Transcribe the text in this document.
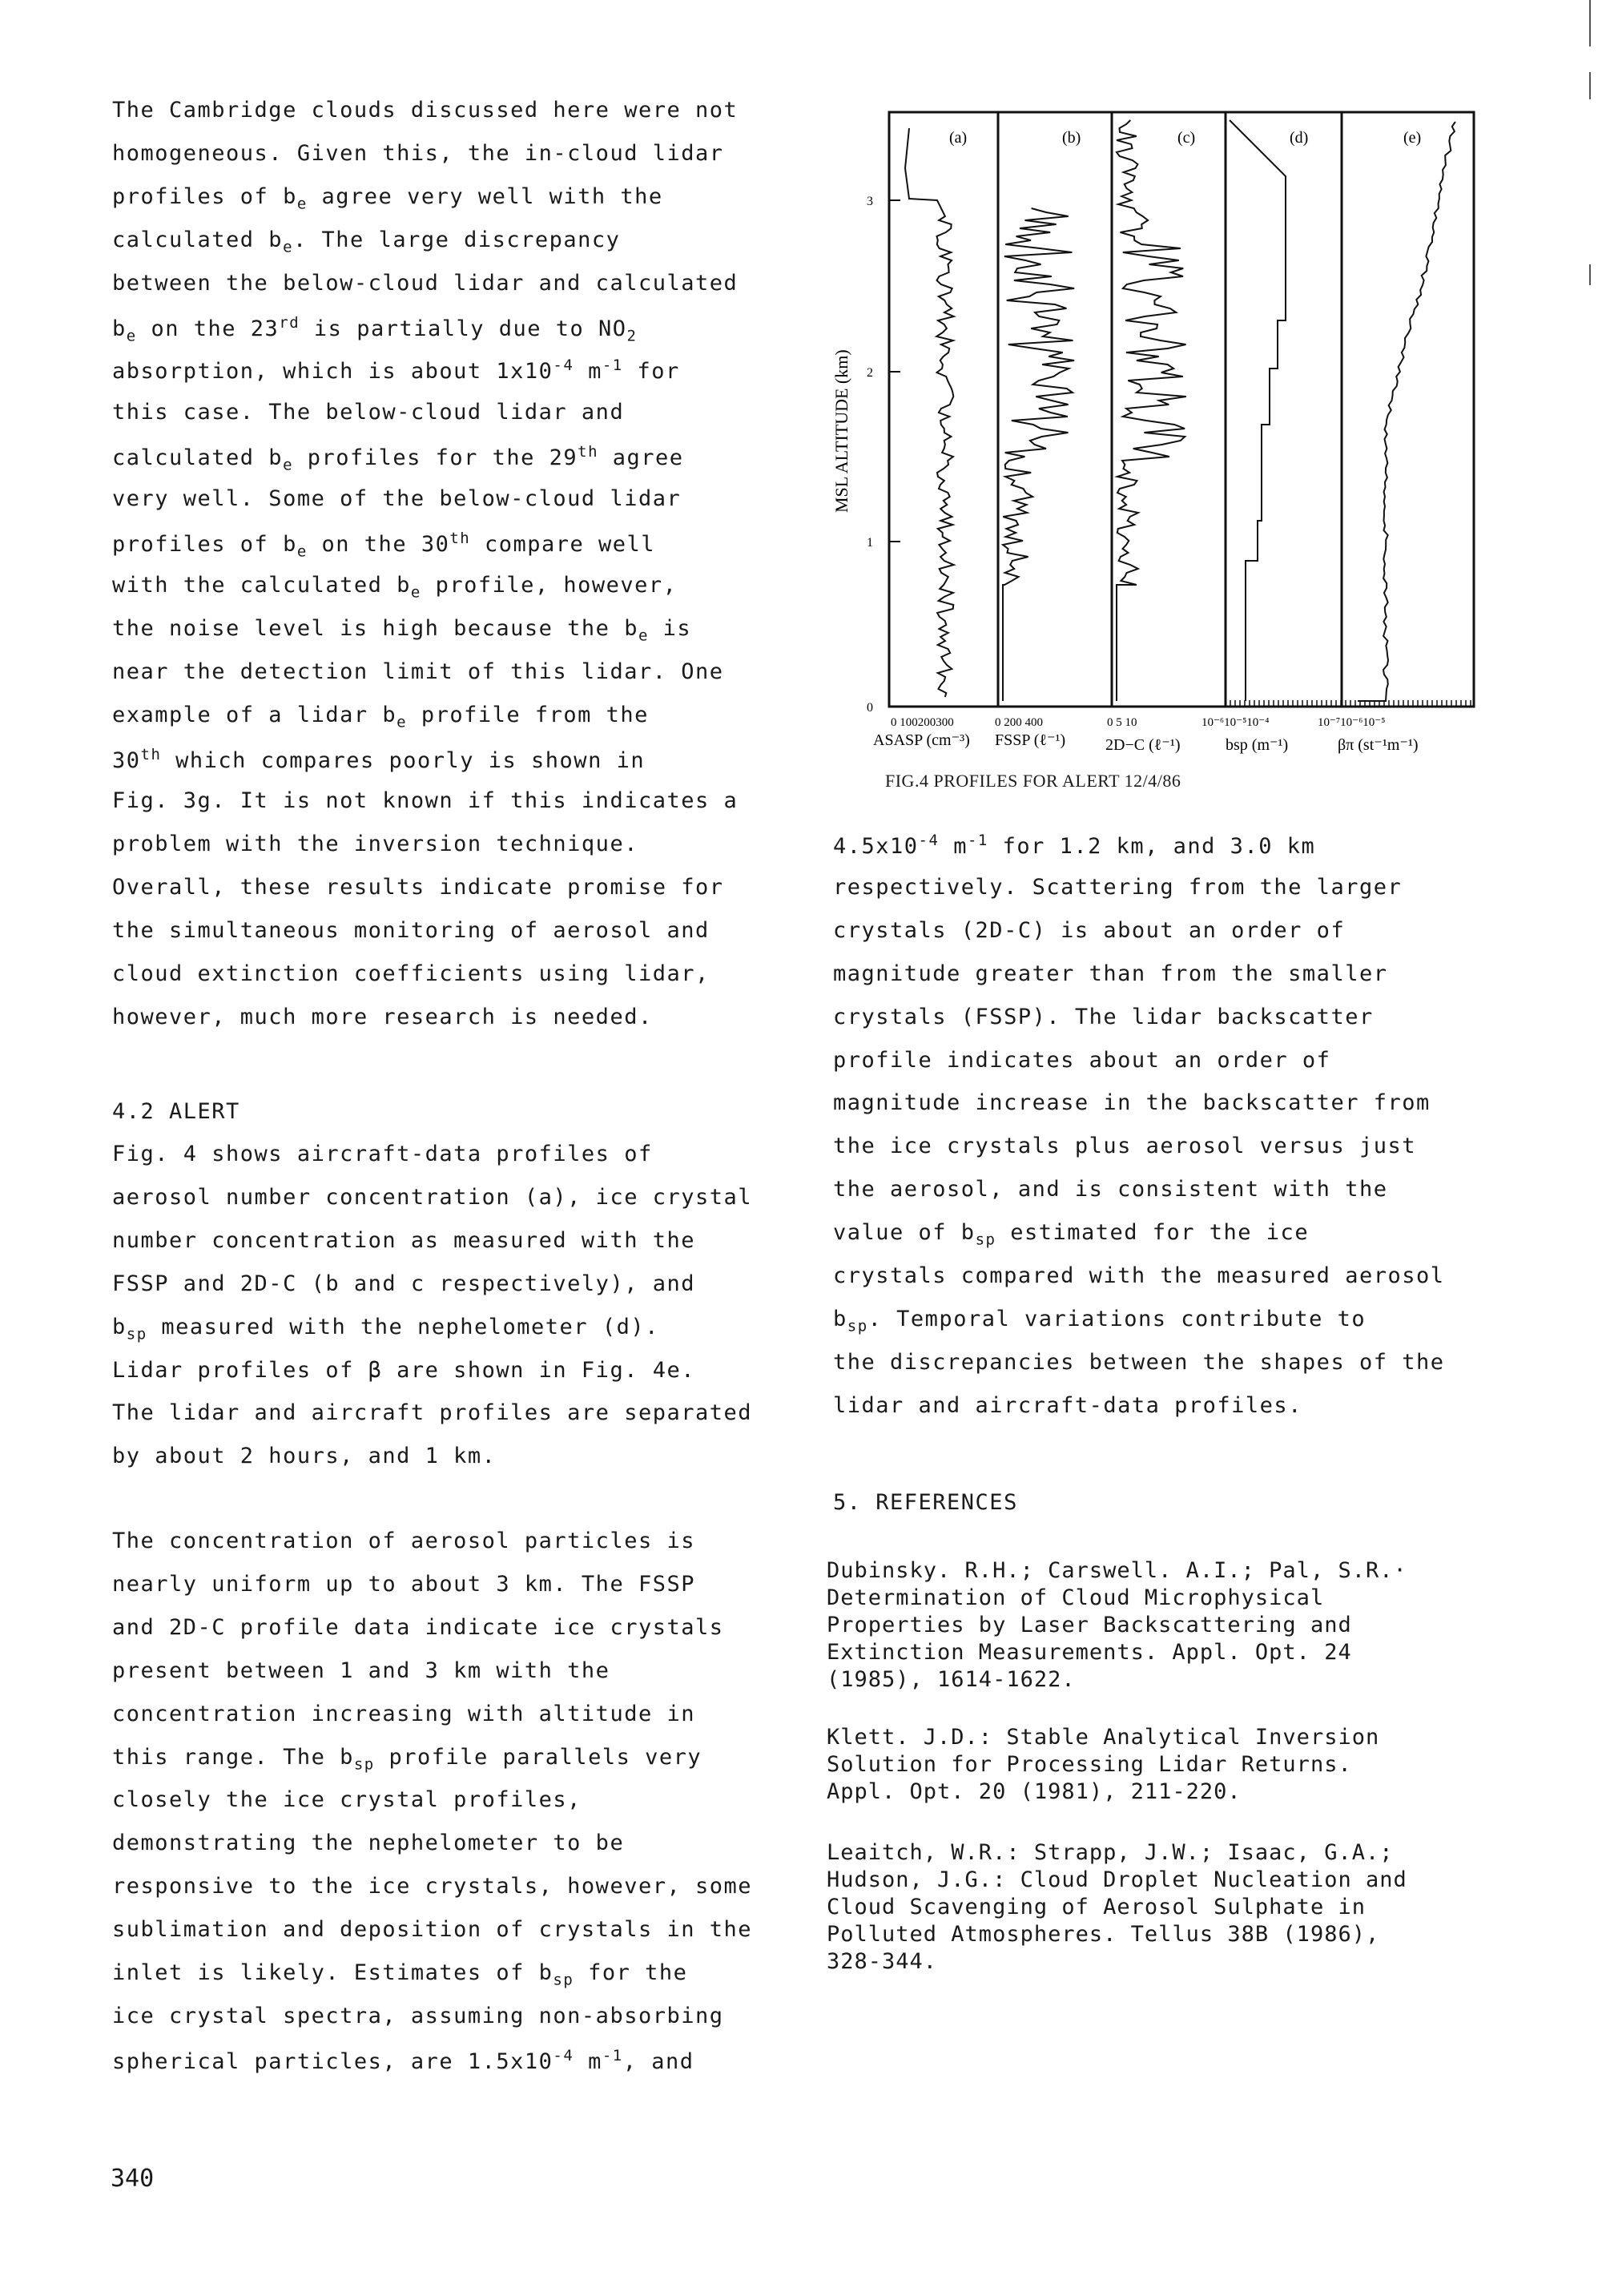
The Cambridge clouds discussed here were not
homogeneous. Given this, the in-cloud lidar
profiles of $b_e$ agree very well with the
calculated $b_e$. The large discrepancy
between the below-cloud lidar and calculated
$b_e$ on the 23rd is partially due to $NO_2$
absorption, which is about $1x10^{-4}$ $m^{-1}$ for
this case. The below-cloud lidar and
calculated $b_e$ profiles for the 29th agree
very well. Some of the below-cloud lidar
profiles of $b_e$ on the 30th compare well
with the calculated $b_e$ profile, however,
the noise level is high because the $b_e$ is
near the detection limit of this lidar. One
example of a lidar $b_e$ profile from the
30th which compares poorly is shown in
Fig. 3g. It is not known if this indicates a
problem with the inversion technique.
Overall, these results indicate promise for
the simultaneous monitoring of aerosol and
cloud extinction coefficients using lidar,
however, much more research is needed.
4.2 ALERT
Fig. 4 shows aircraft-data profiles of
aerosol number concentration (a), ice crystal
number concentration as measured with the
FSSP and 2D-C (b and c respectively), and
$b_{sp}$ measured with the nephelometer (d).
Lidar profiles of β are shown in Fig. 4e.
The lidar and aircraft profiles are separated
by about 2 hours, and 1 km.
The concentration of aerosol particles is
nearly uniform up to about 3 km. The FSSP
and 2D-C profile data indicate ice crystals
present between 1 and 3 km with the
concentration increasing with altitude in
this range. The $b_{sp}$ profile parallels very
closely the ice crystal profiles,
demonstrating the nephelometer to be
responsive to the ice crystals, however, some
sublimation and deposition of crystals in the
inlet is likely. Estimates of $b_{sp}$ for the
ice crystal spectra, assuming non-absorbing
spherical particles, are $1.5x10^{-4}$ $m^{-1}$, and
$4.5x10^{-4}$ $m^{-1}$ for 1.2 km, and 3.0 km
respectively. Scattering from the larger
crystals (2D-C) is about an order of
magnitude greater than from the smaller
crystals (FSSP). The lidar backscatter
profile indicates about an order of
magnitude increase in the backscatter from
the ice crystals plus aerosol versus just
the aerosol, and is consistent with the
value of $b_{sp}$ estimated for the ice
crystals compared with the measured aerosol
$b_{sp}$. Temporal variations contribute to
the discrepancies between the shapes of the
lidar and aircraft-data profiles.
5. REFERENCES
MSL ALTITUDE (km)
0
1
2
3
(a)	(b)	(c)	(d)	(e)
0 100200300	0 200 400	0 5 10	10⁻⁶10⁻⁵10⁻⁴	10⁻⁷10⁻⁶10⁻⁵
ASASP (cm⁻³) FSSP (ℓ⁻¹) 2D−C (ℓ⁻¹)	bsp (m⁻¹)	βπ (st⁻¹m⁻¹)
FIG.4 PROFILES FOR ALERT 12/4/86
340
Dubinsky. R.H.; Carswell. A.I.; Pal, S.R.·
Determination of Cloud Microphysical
Properties by Laser Backscattering and
Extinction Measurements. Appl. Opt. 24
(1985), 1614-1622.
Klett. J.D.: Stable Analytical Inversion
Solution for Processing Lidar Returns.
Appl. Opt. 20 (1981), 211-220.
Leaitch, W.R.: Strapp, J.W.; Isaac, G.A.;
Hudson, J.G.: Cloud Droplet Nucleation and
Cloud Scavenging of Aerosol Sulphate in
Polluted Atmospheres. Tellus 38B (1986),
328-344.
